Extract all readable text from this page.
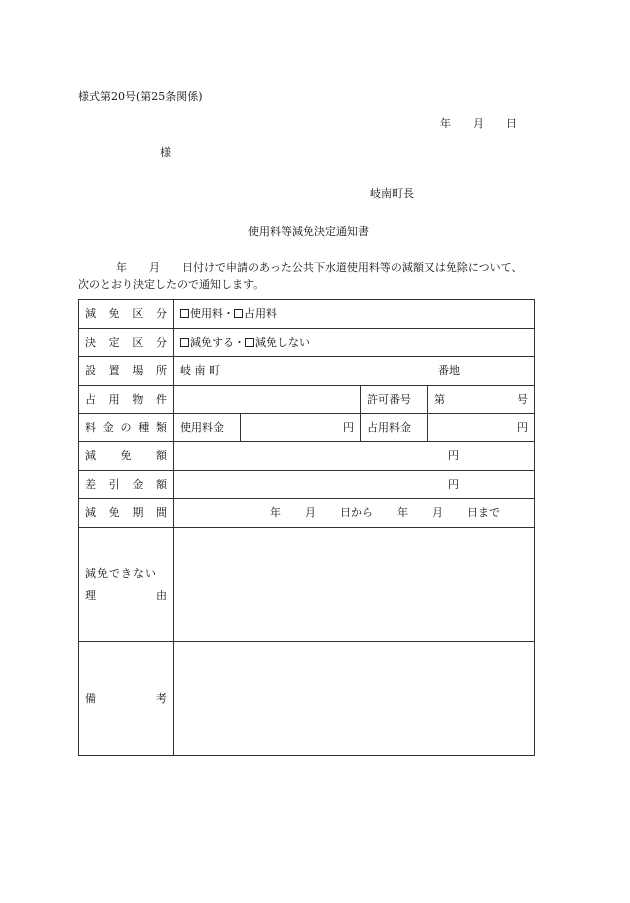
様式第20号(第25条関係)
年 月 日
様
岐南町長
使用料等減免決定通知書
年 月 日付けで申請のあった公共下水道使用料等の減額又は免除について、
次のとおり決定したので通知します。
減 免 区 分	使用料・ 占用料			

決 定 区 分	減免する・ 減免しない			

設 置 場 所	岐 南 町 番地			

占 用 物 件			許可番号	第 号

料 金 の 種 類	使用料金	円	占用料金	円

減 免 額	円			

差 引 金 額	円			

減 免 期 間	年 月 日から 年 月 日まで			

減免できない
理 由				

備 考				
